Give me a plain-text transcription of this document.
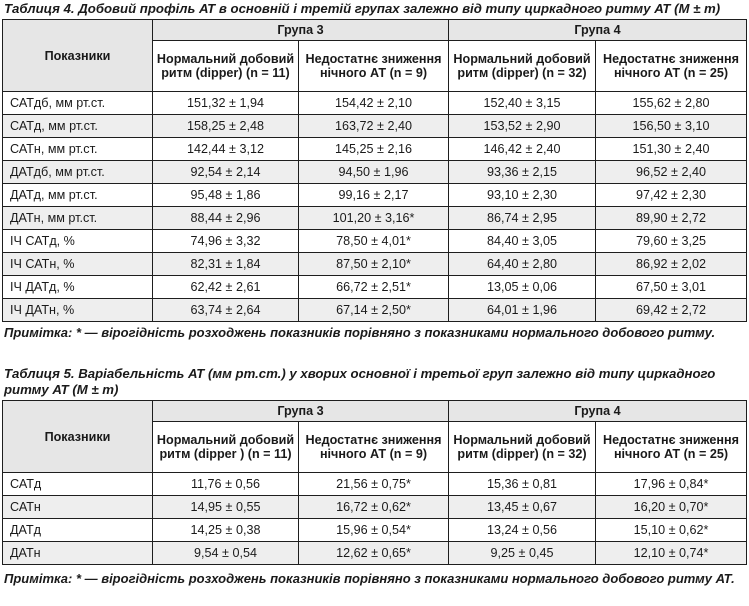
Таблиця 4. Добовий профіль АТ в основній і третій групах залежно від типу циркадного ритму АТ (M ± m)
Показники	Група 3		Група 4	
	Нормальний добовий ритм (dipper) (n = 11)	Недостатнє зниження нічного АТ (n = 9)	Нормальний добовий ритм (dipper) (n = 32)	Недостатнє зниження нічного АТ (n = 25)
САТдб, мм рт.ст.	151,32 ± 1,94	154,42 ± 2,10	152,40 ± 3,15	155,62 ± 2,80
САТд, мм рт.ст.	158,25 ± 2,48	163,72 ± 2,40	153,52 ± 2,90	156,50 ± 3,10
САТн, мм рт.ст.	142,44 ± 3,12	145,25 ± 2,16	146,42 ± 2,40	151,30 ± 2,40
ДАТдб, мм рт.ст.	92,54 ± 2,14	94,50 ± 1,96	93,36 ± 2,15	96,52 ± 2,40
ДАТд, мм рт.ст.	95,48 ± 1,86	99,16 ± 2,17	93,10 ± 2,30	97,42 ± 2,30
ДАТн, мм рт.ст.	88,44 ± 2,96	101,20 ± 3,16*	86,74 ± 2,95	89,90 ± 2,72
ІЧ САТд, %	74,96 ± 3,32	78,50 ± 4,01*	84,40 ± 3,05	79,60 ± 3,25
ІЧ САТн, %	82,31 ± 1,84	87,50 ± 2,10*	64,40 ± 2,80	86,92 ± 2,02
ІЧ ДАТд, %	62,42 ± 2,61	66,72 ± 2,51*	13,05 ± 0,06	67,50 ± 3,01
ІЧ ДАТн, %	63,74 ± 2,64	67,14 ± 2,50*	64,01 ± 1,96	69,42 ± 2,72
Примітка: * — вірогідність розходжень показників порівняно з показниками нормального добового ритму.
Таблиця 5. Варіабельність АТ (мм рт.ст.) у хворих основної і третьої груп залежно від типу циркадного
ритму АТ (M ± m)
Показники	Група 3		Група 4	
	Нормальний добовий ритм (dipper ) (n = 11)	Недостатнє зниження нічного АТ (n = 9)	Нормальний добовий ритм (dipper) (n = 32)	Недостатнє зниження нічного АТ (n = 25)
САТд	11,76 ± 0,56	21,56 ± 0,75*	15,36 ± 0,81	17,96 ± 0,84*
САТн	14,95 ± 0,55	16,72 ± 0,62*	13,45 ± 0,67	16,20 ± 0,70*
ДАТд	14,25 ± 0,38	15,96 ± 0,54*	13,24 ± 0,56	15,10 ± 0,62*
ДАТн	9,54 ± 0,54	12,62 ± 0,65*	9,25 ± 0,45	12,10 ± 0,74*
Примітка: * — вірогідність розходжень показників порівняно з показниками нормального добового ритму АТ.
